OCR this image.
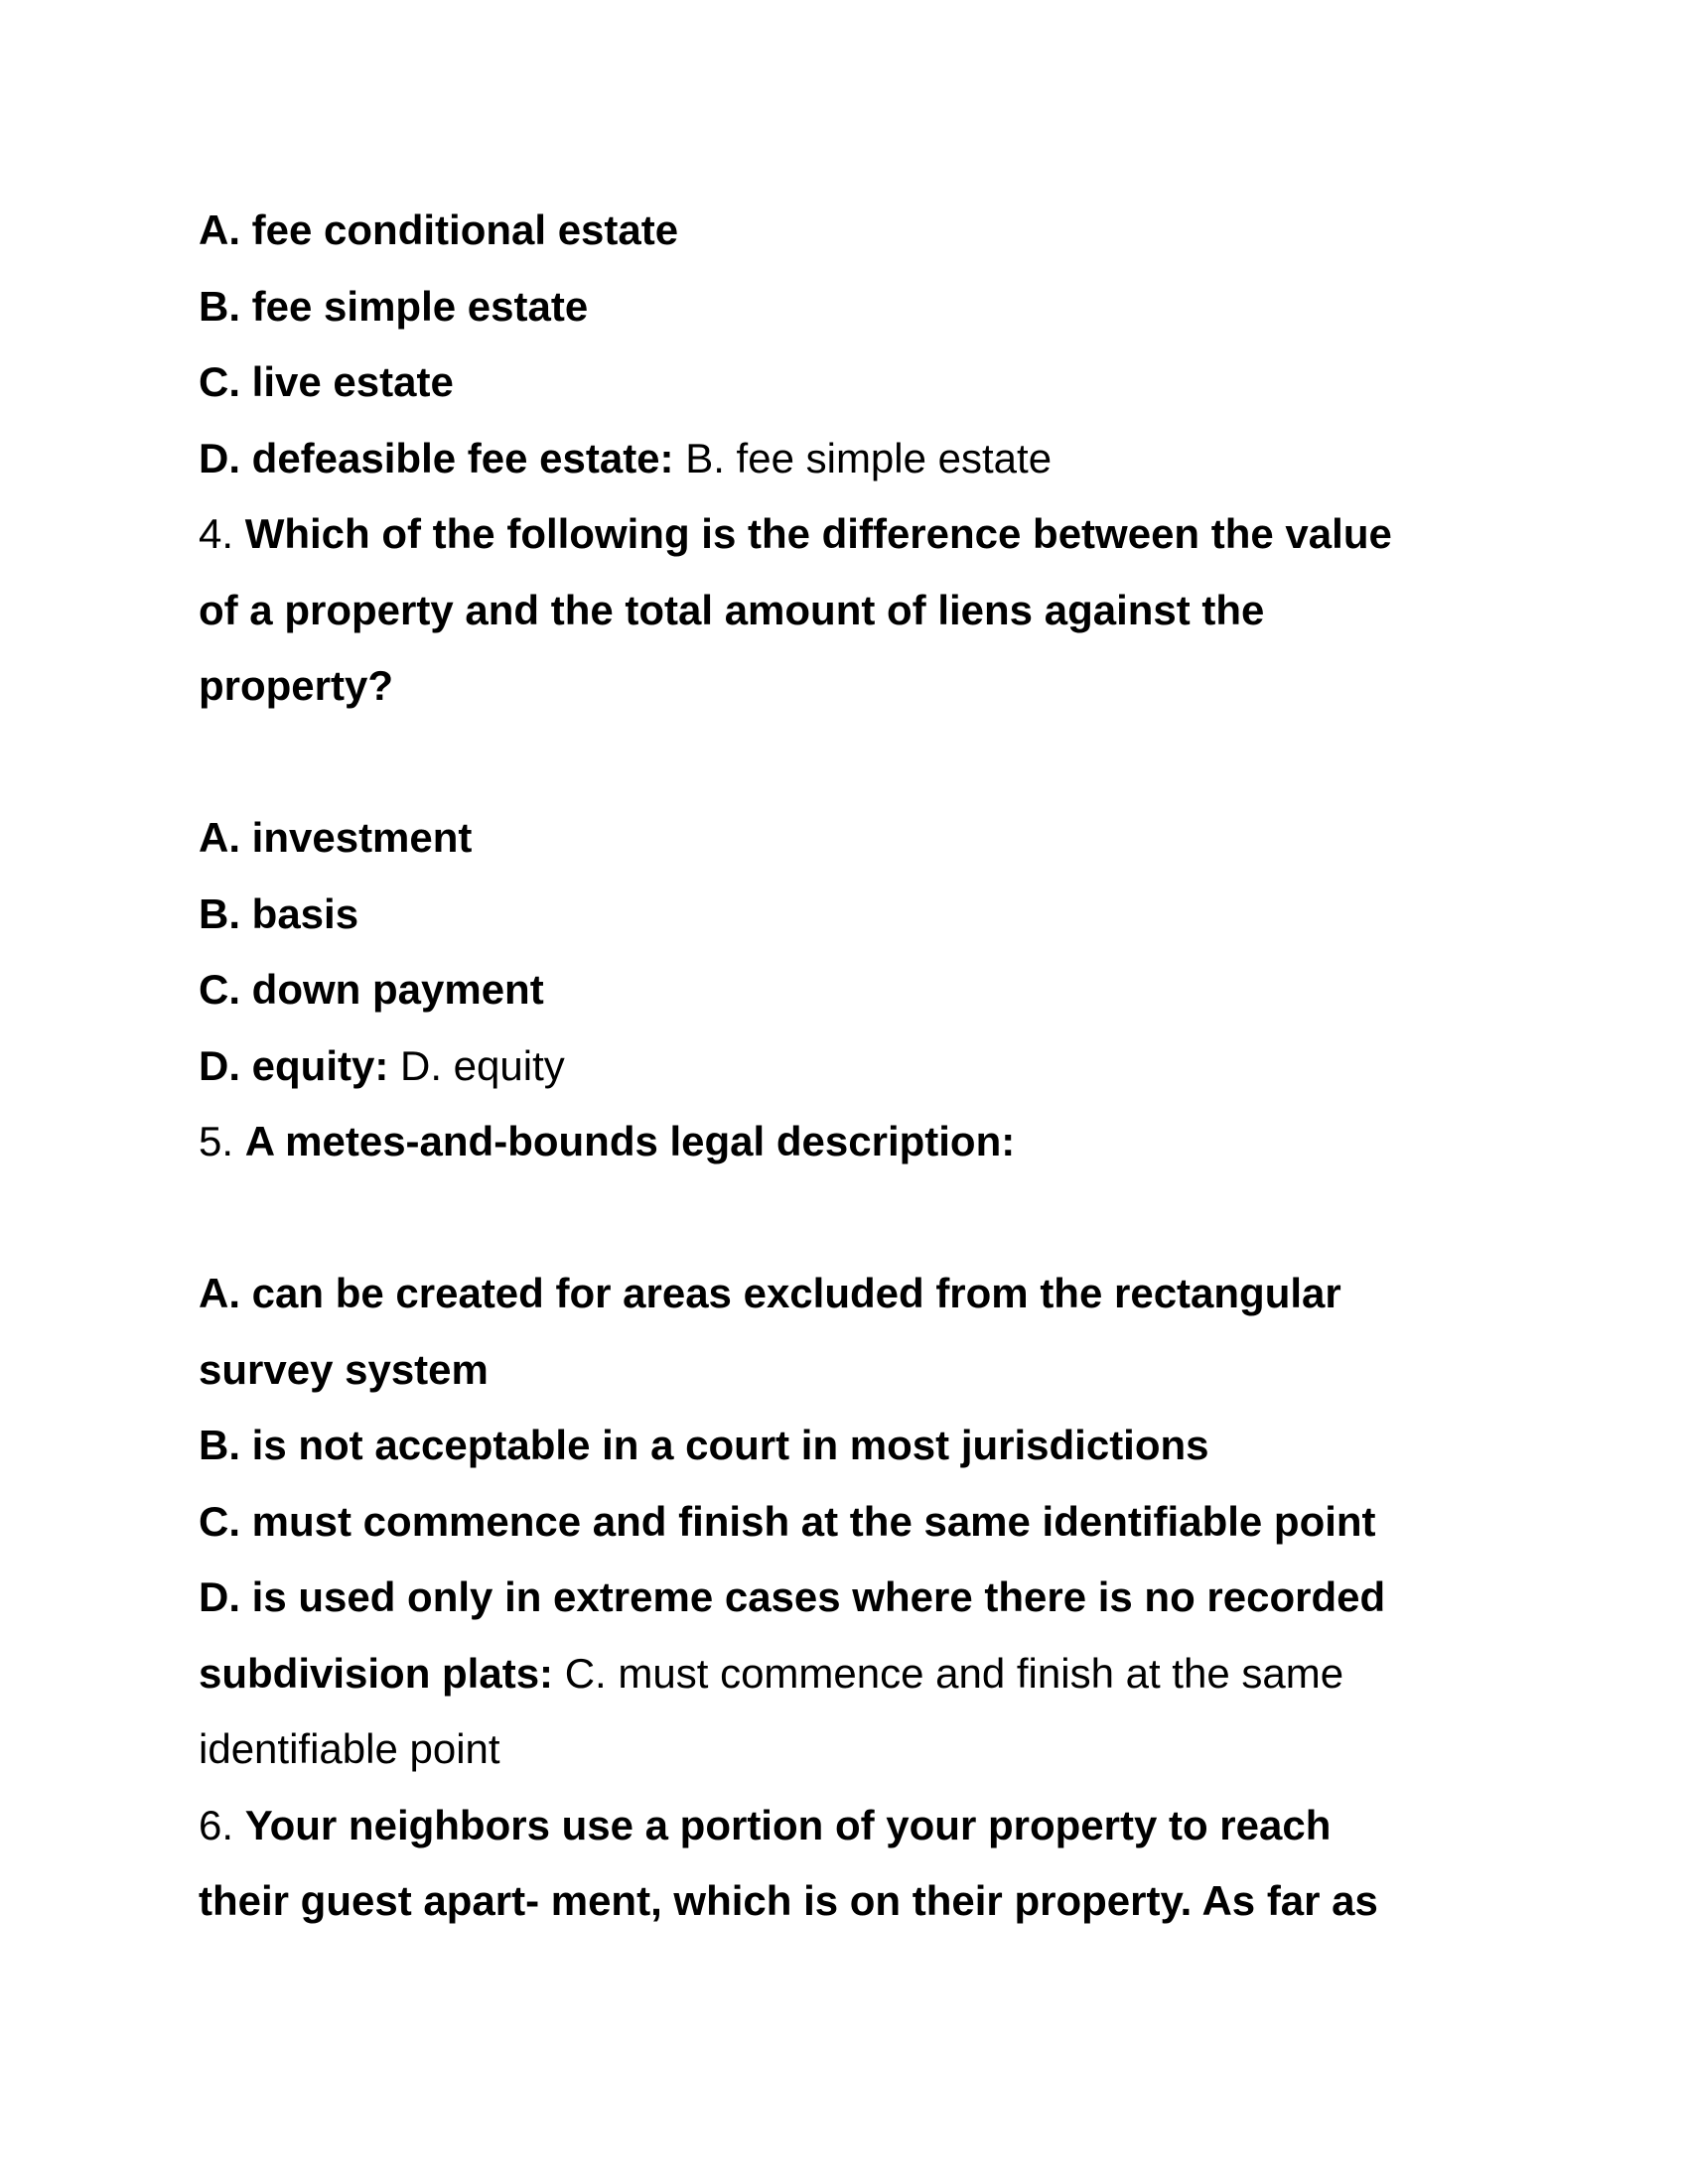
A. fee conditional estate
B. fee simple estate
C. live estate
D. defeasible fee estate: B. fee simple estate
4. Which of the following is the difference between the value
of a property and the total amount of liens against the
property?
A. investment
B. basis
C. down payment
D. equity: D. equity
5. A metes-and-bounds legal description:
A. can be created for areas excluded from the rectangular
survey system
B. is not acceptable in a court in most jurisdictions
C. must commence and finish at the same identifiable point
D. is used only in extreme cases where there is no recorded
subdivision plats: C. must commence and finish at the same
identifiable point
6. Your neighbors use a portion of your property to reach
their guest apart- ment, which is on their property. As far as
